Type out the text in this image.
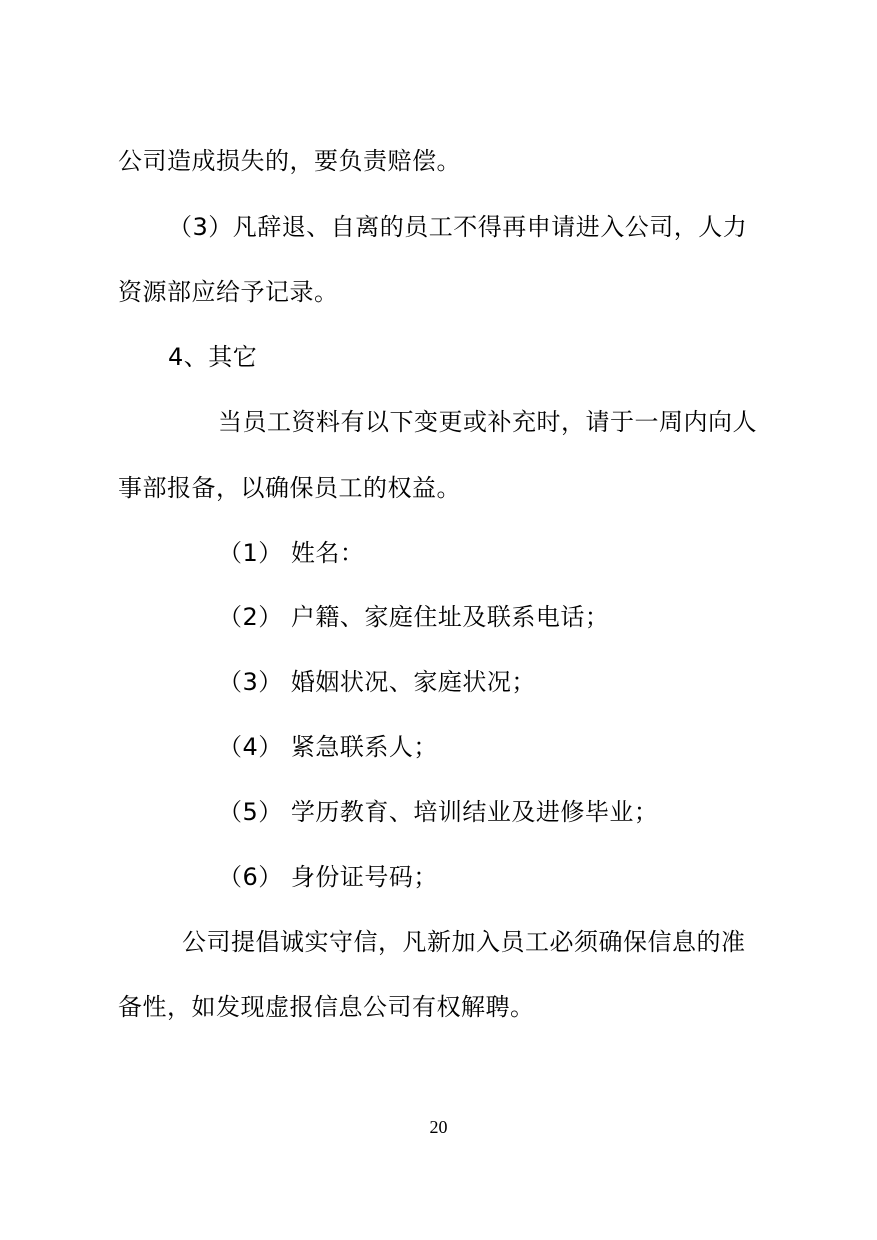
公司造成损失的，要负责赔偿。
（3）凡辞退、自离的员工不得再申请进入公司，人力
资源部应给予记录。
4、其它
当员工资料有以下变更或补充时，请于一周内向人
事部报备，以确保员工的权益。
（1） 姓名：
（2） 户籍、家庭住址及联系电话；
（3） 婚姻状况、家庭状况；
（4） 紧急联系人；
（5） 学历教育、培训结业及进修毕业；
（6） 身份证号码；
公司提倡诚实守信，凡新加入员工必须确保信息的准
备性，如发现虚报信息公司有权解聘。
20
